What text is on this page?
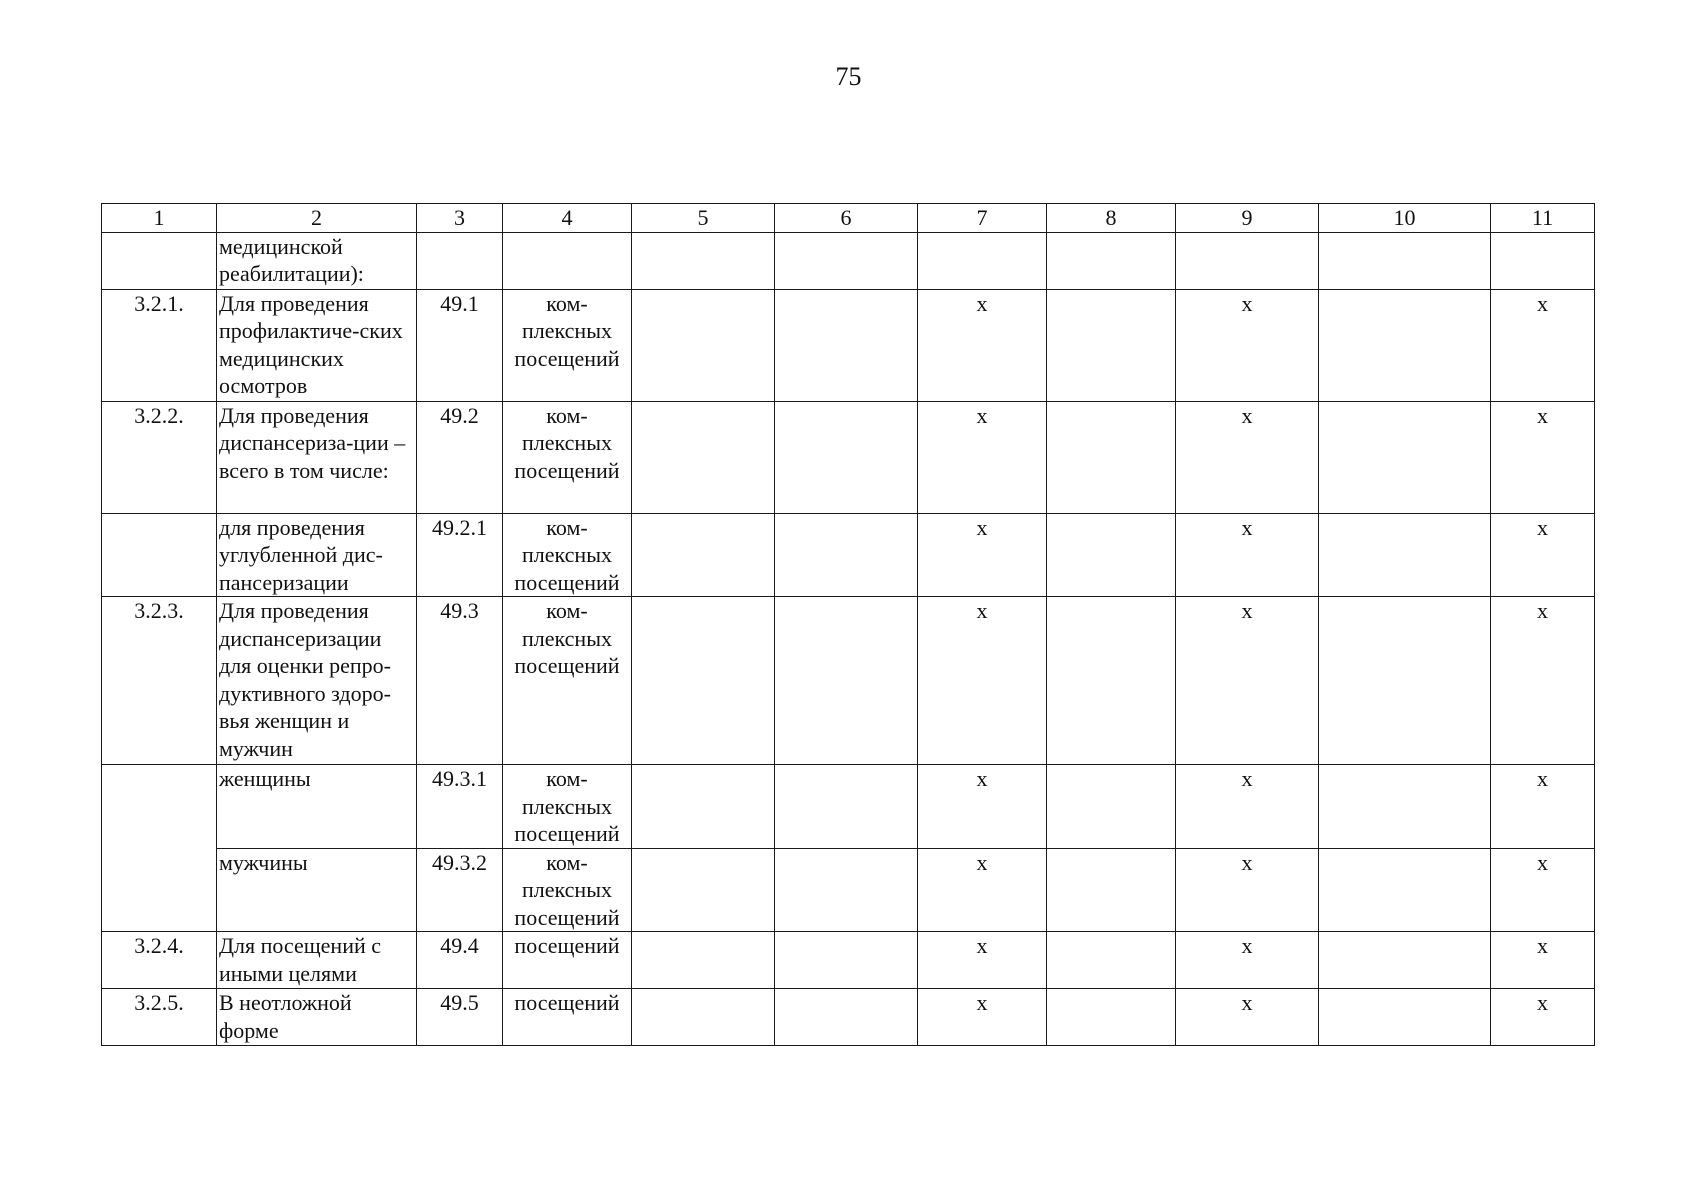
75
1	2	3	4	5	6	7	8	9	10	11
	медицинской реабилитации):									
3.2.1.	Для проведения профилактиче-ских медицинских осмотров	49.1	ком-плексных посещений			x		x		x
3.2.2.	Для проведения диспансериза-ции – всего в том числе:	49.2	ком-плексных посещений			x		x		x
	для проведения углубленной дис-пансеризации	49.2.1	ком-плексных посещений			x		x		x
3.2.3.	Для проведения диспансеризации для оценки репро-дуктивного здоро-вья женщин и мужчин	49.3	ком-плексных посещений			x		x		x
	женщины	49.3.1	ком-плексных посещений			x		x		x
	мужчины	49.3.2	ком-плексных посещений			x		x		x
3.2.4.	Для посещений с иными целями	49.4	посещений			x		x		x
3.2.5.	В неотложной форме	49.5	посещений			x		x		x
